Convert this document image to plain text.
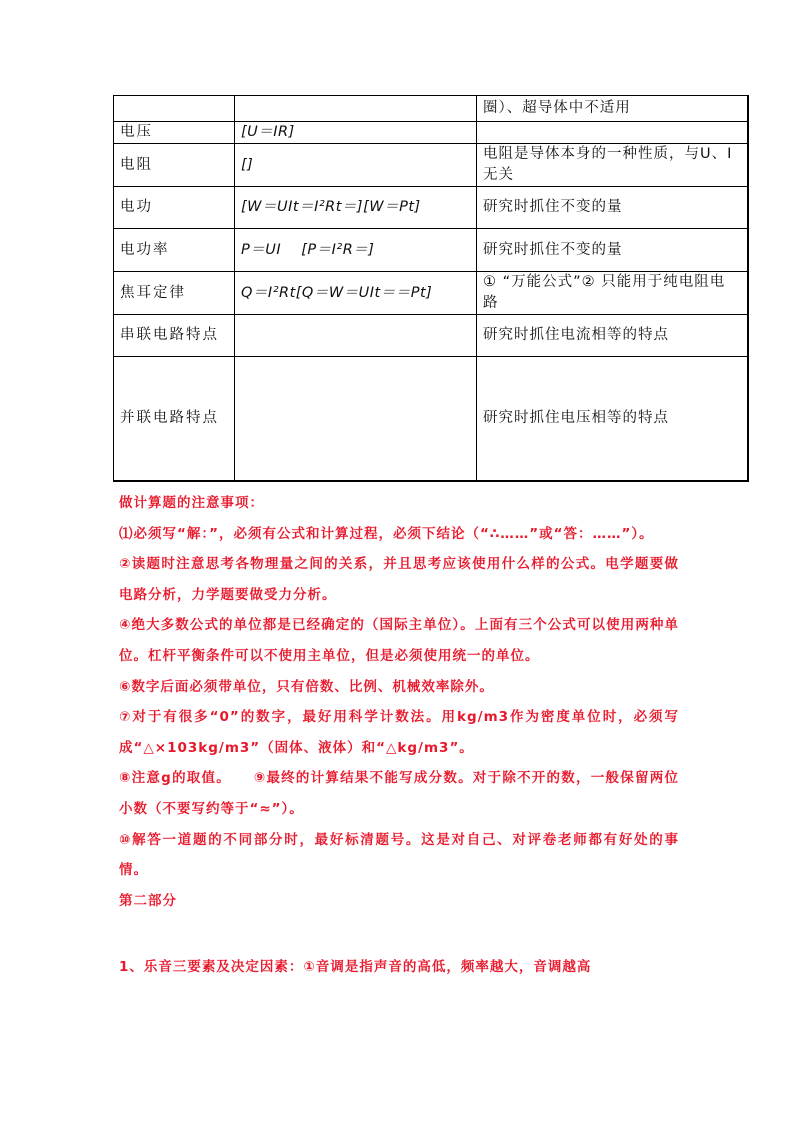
		圈）、超导体中不适用
电压	[U＝IR]	
电阻	[]	电阻是导体本身的一种性质，与U、I无关
电功	[W＝UIt＝I²Rt＝][W＝Pt]	研究时抓住不变的量
电功率	P＝UI　 [P＝I²R＝]	研究时抓住不变的量
焦耳定律	Q＝I²Rt[Q＝W＝UIt＝＝Pt]	① “万能公式”② 只能用于纯电阻电路
串联电路特点		研究时抓住电流相等的特点
并联电路特点		研究时抓住电压相等的特点

做计算题的注意事项：

⑴必须写“解：”，必须有公式和计算过程，必须下结论（“∴……”或“答：……”）。

②读题时注意思考各物理量之间的关系，并且思考应该使用什么样的公式。电学题要做电路分析，力学题要做受力分析。

④绝大多数公式的单位都是已经确定的（国际主单位）。上面有三个公式可以使用两种单位。杠杆平衡条件可以不使用主单位，但是必须使用统一的单位。

⑥数字后面必须带单位，只有倍数、比例、机械效率除外。

⑦对于有很多“0”的数字，最好用科学计数法。用kg/m3作为密度单位时，必须写成“△×103kg/m3”（固体、液体）和“△kg/m3”。

⑧注意g的取值。　　⑨最终的计算结果不能写成分数。对于除不开的数，一般保留两位小数（不要写约等于“≈”）。

⑩解答一道题的不同部分时，最好标清题号。这是对自己、对评卷老师都有好处的事情。

第二部分

1、乐音三要素及决定因素：①音调是指声音的高低，频率越大，音调越高
